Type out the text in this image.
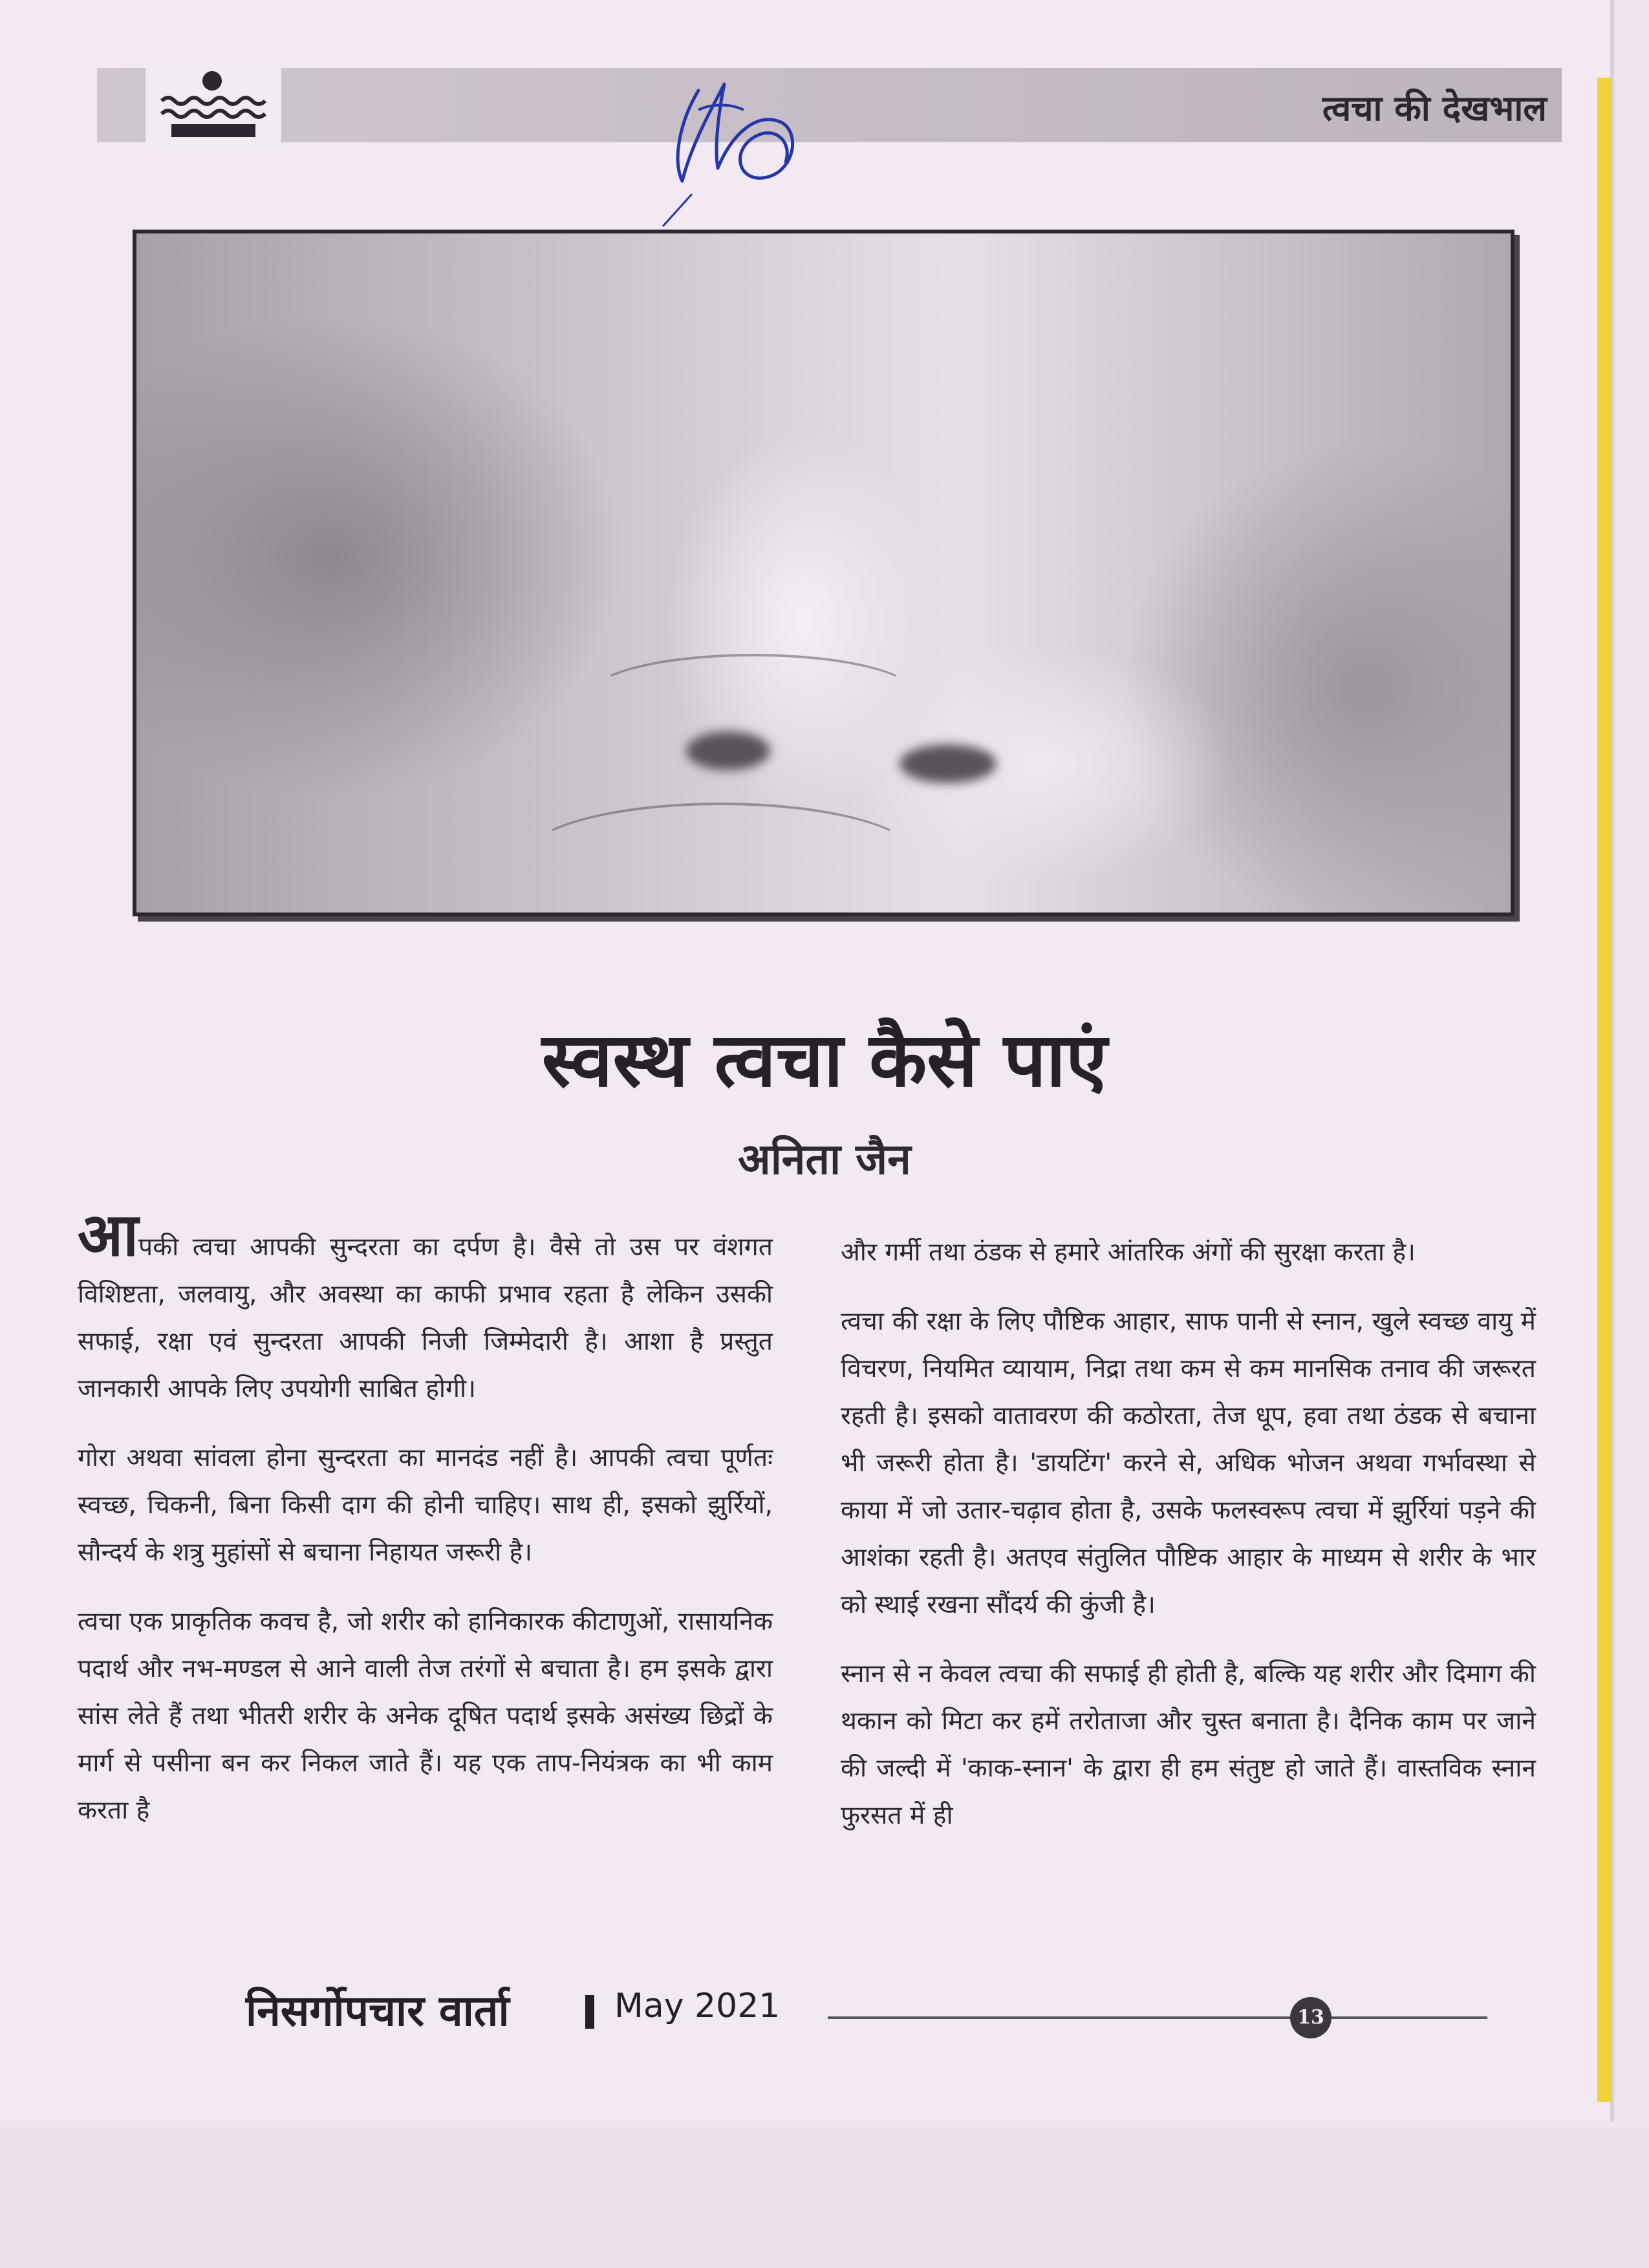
त्वचा की देखभाल
स्वस्थ त्वचा कैसे पाएं
अनिता जैन

आपकी त्वचा आपकी सुन्दरता का दर्पण है। वैसे तो उस पर वंशगत विशिष्टता, जलवायु, और अवस्था का काफी प्रभाव रहता है लेकिन उसकी सफाई, रक्षा एवं सुन्दरता आपकी निजी जिम्मेदारी है। आशा है प्रस्तुत जानकारी आपके लिए उपयोगी साबित होगी।

गोरा अथवा सांवला होना सुन्दरता का मानदंड नहीं है। आपकी त्वचा पूर्णतः स्वच्छ, चिकनी, बिना किसी दाग की होनी चाहिए। साथ ही, इसको झुर्रियों, सौन्दर्य के शत्रु मुहांसों से बचाना निहायत जरूरी है।

त्वचा एक प्राकृतिक कवच है, जो शरीर को हानिकारक कीटाणुओं, रासायनिक पदार्थ और नभ-मण्डल से आने वाली तेज तरंगों से बचाता है। हम इसके द्वारा सांस लेते हैं तथा भीतरी शरीर के अनेक दूषित पदार्थ इसके असंख्य छिद्रों के मार्ग से पसीना बन कर निकल जाते हैं। यह एक ताप-नियंत्रक का भी काम करता है

और गर्मी तथा ठंडक से हमारे आंतरिक अंगों की सुरक्षा करता है।

त्वचा की रक्षा के लिए पौष्टिक आहार, साफ पानी से स्नान, खुले स्वच्छ वायु में विचरण, नियमित व्यायाम, निद्रा तथा कम से कम मानसिक तनाव की जरूरत रहती है। इसको वातावरण की कठोरता, तेज धूप, हवा तथा ठंडक से बचाना भी जरूरी होता है। 'डायटिंग' करने से, अधिक भोजन अथवा गर्भावस्था से काया में जो उतार-चढ़ाव होता है, उसके फलस्वरूप त्वचा में झुर्रियां पड़ने की आशंका रहती है। अतएव संतुलित पौष्टिक आहार के माध्यम से शरीर के भार को स्थाई रखना सौंदर्य की कुंजी है।

स्नान से न केवल त्वचा की सफाई ही होती है, बल्कि यह शरीर और दिमाग की थकान को मिटा कर हमें तरोताजा और चुस्त बनाता है। दैनिक काम पर जाने की जल्दी में 'काक-स्नान' के द्वारा ही हम संतुष्ट हो जाते हैं। वास्तविक स्नान फुरसत में ही

निसर्गोपचार वार्ता	May 2021	13
